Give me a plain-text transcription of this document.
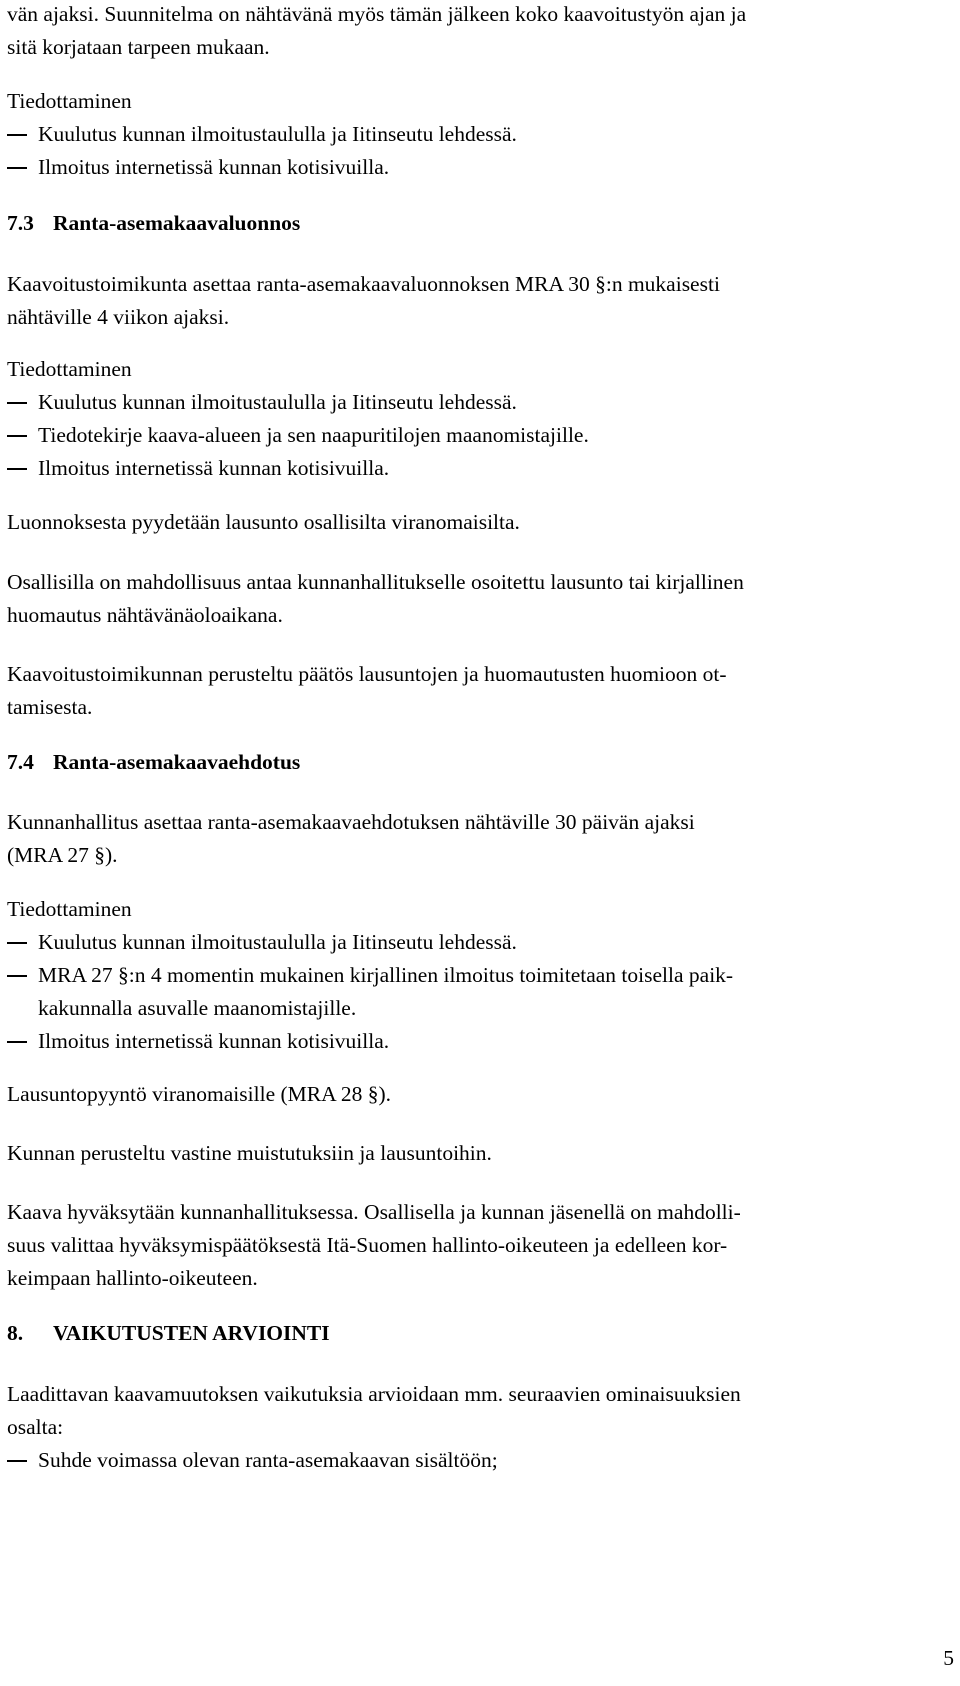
vän ajaksi. Suunnitelma on nähtävänä myös tämän jälkeen koko kaavoitustyön ajan ja

sitä korjataan tarpeen mukaan.

Tiedottaminen

Kuulutus kunnan ilmoitustaululla ja Iitinseutu lehdessä.

Ilmoitus internetissä kunnan kotisivuilla.

7.3 Ranta-asemakaavaluonnos

Kaavoitustoimikunta asettaa ranta-asemakaavaluonnoksen MRA 30 §:n mukaisesti

nähtäville 4 viikon ajaksi.

Tiedottaminen

Kuulutus kunnan ilmoitustaululla ja Iitinseutu lehdessä.

Tiedotekirje kaava-alueen ja sen naapuritilojen maanomistajille.

Ilmoitus internetissä kunnan kotisivuilla.

Luonnoksesta pyydetään lausunto osallisilta viranomaisilta.

Osallisilla on mahdollisuus antaa kunnanhallitukselle osoitettu lausunto tai kirjallinen

huomautus nähtävänäoloaikana.

Kaavoitustoimikunnan perusteltu päätös lausuntojen ja huomautusten huomioon ot-

tamisesta.

7.4 Ranta-asemakaavaehdotus

Kunnanhallitus asettaa ranta-asemakaavaehdotuksen nähtäville 30 päivän ajaksi

(MRA 27 §).

Tiedottaminen

Kuulutus kunnan ilmoitustaululla ja Iitinseutu lehdessä.

MRA 27 §:n 4 momentin mukainen kirjallinen ilmoitus toimitetaan toisella paik-

kakunnalla asuvalle maanomistajille.

Ilmoitus internetissä kunnan kotisivuilla.

Lausuntopyyntö viranomaisille (MRA 28 §).

Kunnan perusteltu vastine muistutuksiin ja lausuntoihin.

Kaava hyväksytään kunnanhallituksessa. Osallisella ja kunnan jäsenellä on mahdolli-

suus valittaa hyväksymispäätöksestä Itä-Suomen hallinto-oikeuteen ja edelleen kor-

keimpaan hallinto-oikeuteen.

8. VAIKUTUSTEN ARVIOINTI

Laadittavan kaavamuutoksen vaikutuksia arvioidaan mm. seuraavien ominaisuuksien

osalta:

Suhde voimassa olevan ranta-asemakaavan sisältöön;

5
